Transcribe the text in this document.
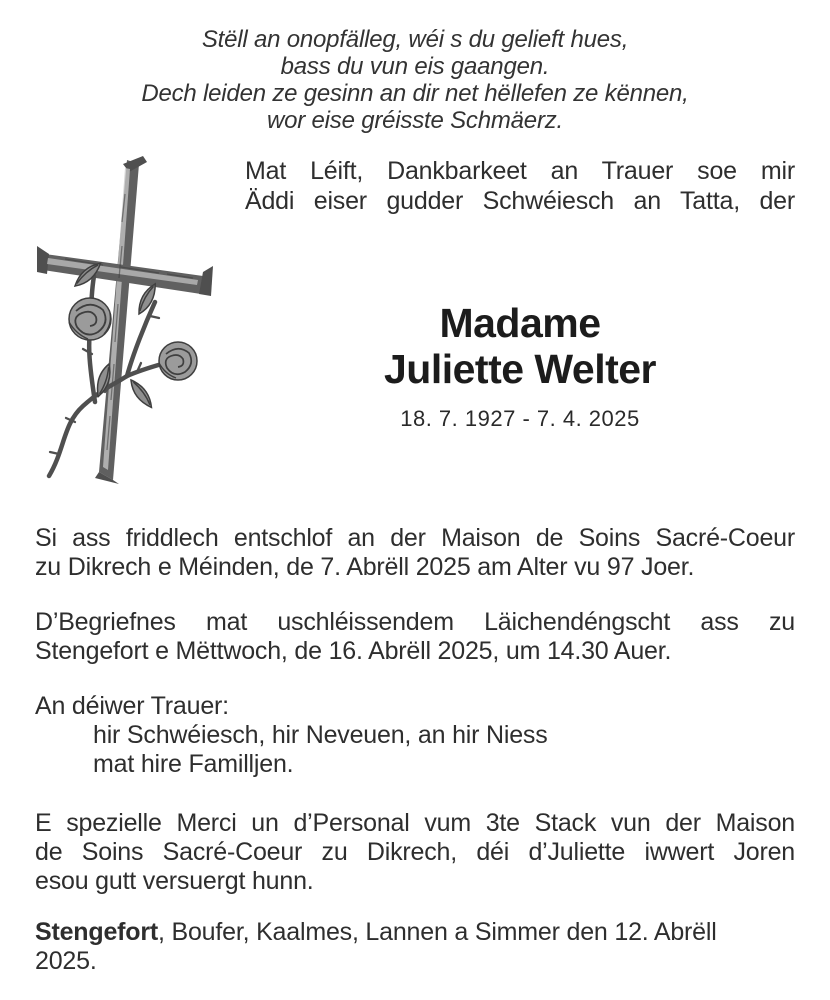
Stëll an onopfälleg, wéi s du gelieft hues,
bass du vun eis gaangen.
Dech leiden ze gesinn an dir net hëllefen ze kënnen,
wor eise gréisste Schmäerz.
Mat Léift, Dankbarkeet an Trauer soe mir
Äddi eiser gudder Schwéiesch an Tatta, der
Madame
Juliette Welter
18. 7. 1927 - 7. 4. 2025
Si ass friddlech entschlof an der Maison de Soins Sacré-Coeur
zu Dikrech e Méinden, de 7. Abrëll 2025 am Alter vu 97 Joer.
D’Begriefnes mat uschléissendem Läichendéngscht ass zu
Stengefort e Mëttwoch, de 16. Abrëll 2025, um 14.30 Auer.
An déiwer Trauer:
hir Schwéiesch, hir Neveuen, an hir Niess
mat hire Familljen.
E spezielle Merci un d’Personal vum 3te Stack vun der Maison
de Soins Sacré-Coeur zu Dikrech, déi d’Juliette iwwert Joren
esou gutt versuergt hunn.
Stengefort, Boufer, Kaalmes, Lannen a Simmer den 12. Abrëll
2025.
